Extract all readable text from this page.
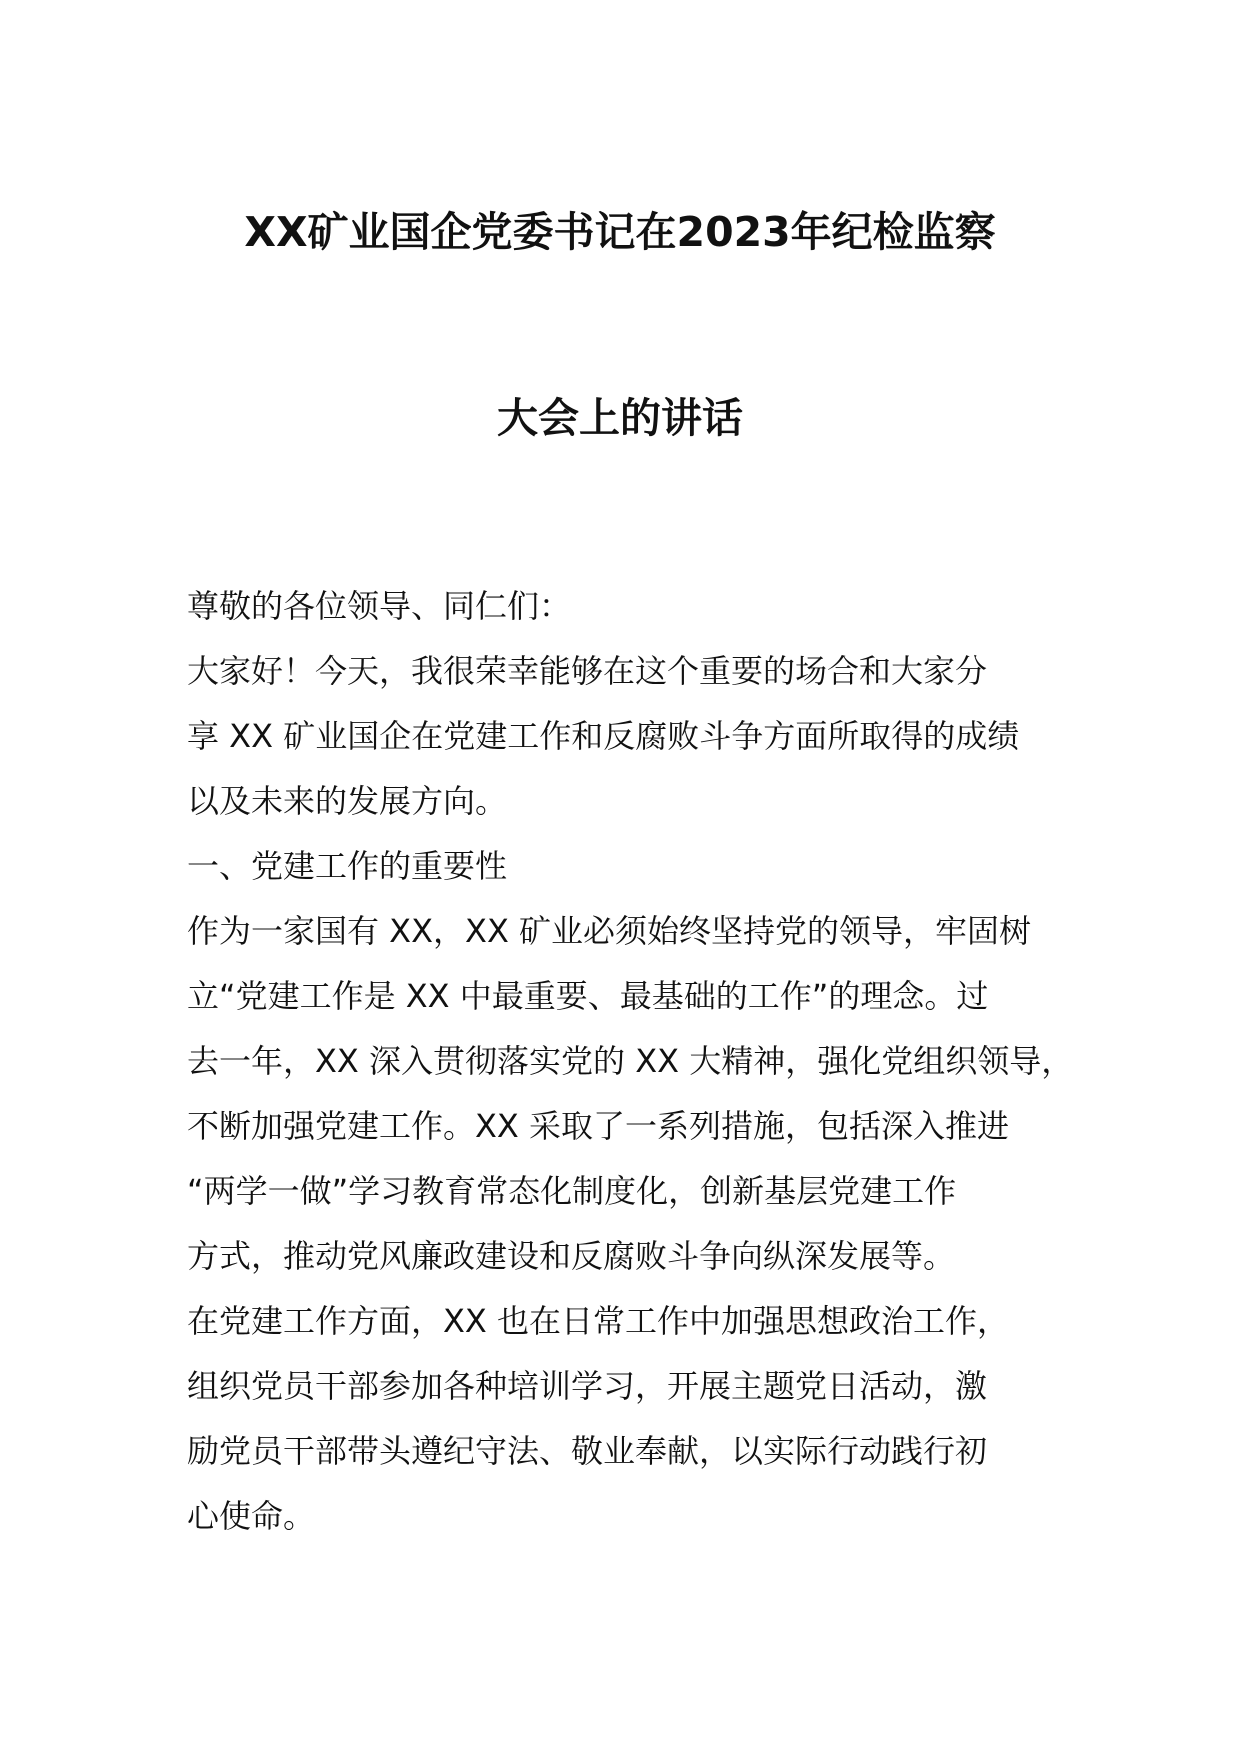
XX矿业国企党委书记在2023年纪检监察
大会上的讲话
尊敬的各位领导、同仁们：
大家好！今天，我很荣幸能够在这个重要的场合和大家分
享 XX 矿业国企在党建工作和反腐败斗争方面所取得的成绩
以及未来的发展方向。
一、党建工作的重要性
作为一家国有 XX，XX 矿业必须始终坚持党的领导，牢固树
立“党建工作是 XX 中最重要、最基础的工作”的理念。过
去一年，XX 深入贯彻落实党的 XX 大精神，强化党组织领导，
不断加强党建工作。XX 采取了一系列措施，包括深入推进
“两学一做”学习教育常态化制度化，创新基层党建工作
方式，推动党风廉政建设和反腐败斗争向纵深发展等。
在党建工作方面，XX 也在日常工作中加强思想政治工作，
组织党员干部参加各种培训学习，开展主题党日活动，激
励党员干部带头遵纪守法、敬业奉献，以实际行动践行初
心使命。
